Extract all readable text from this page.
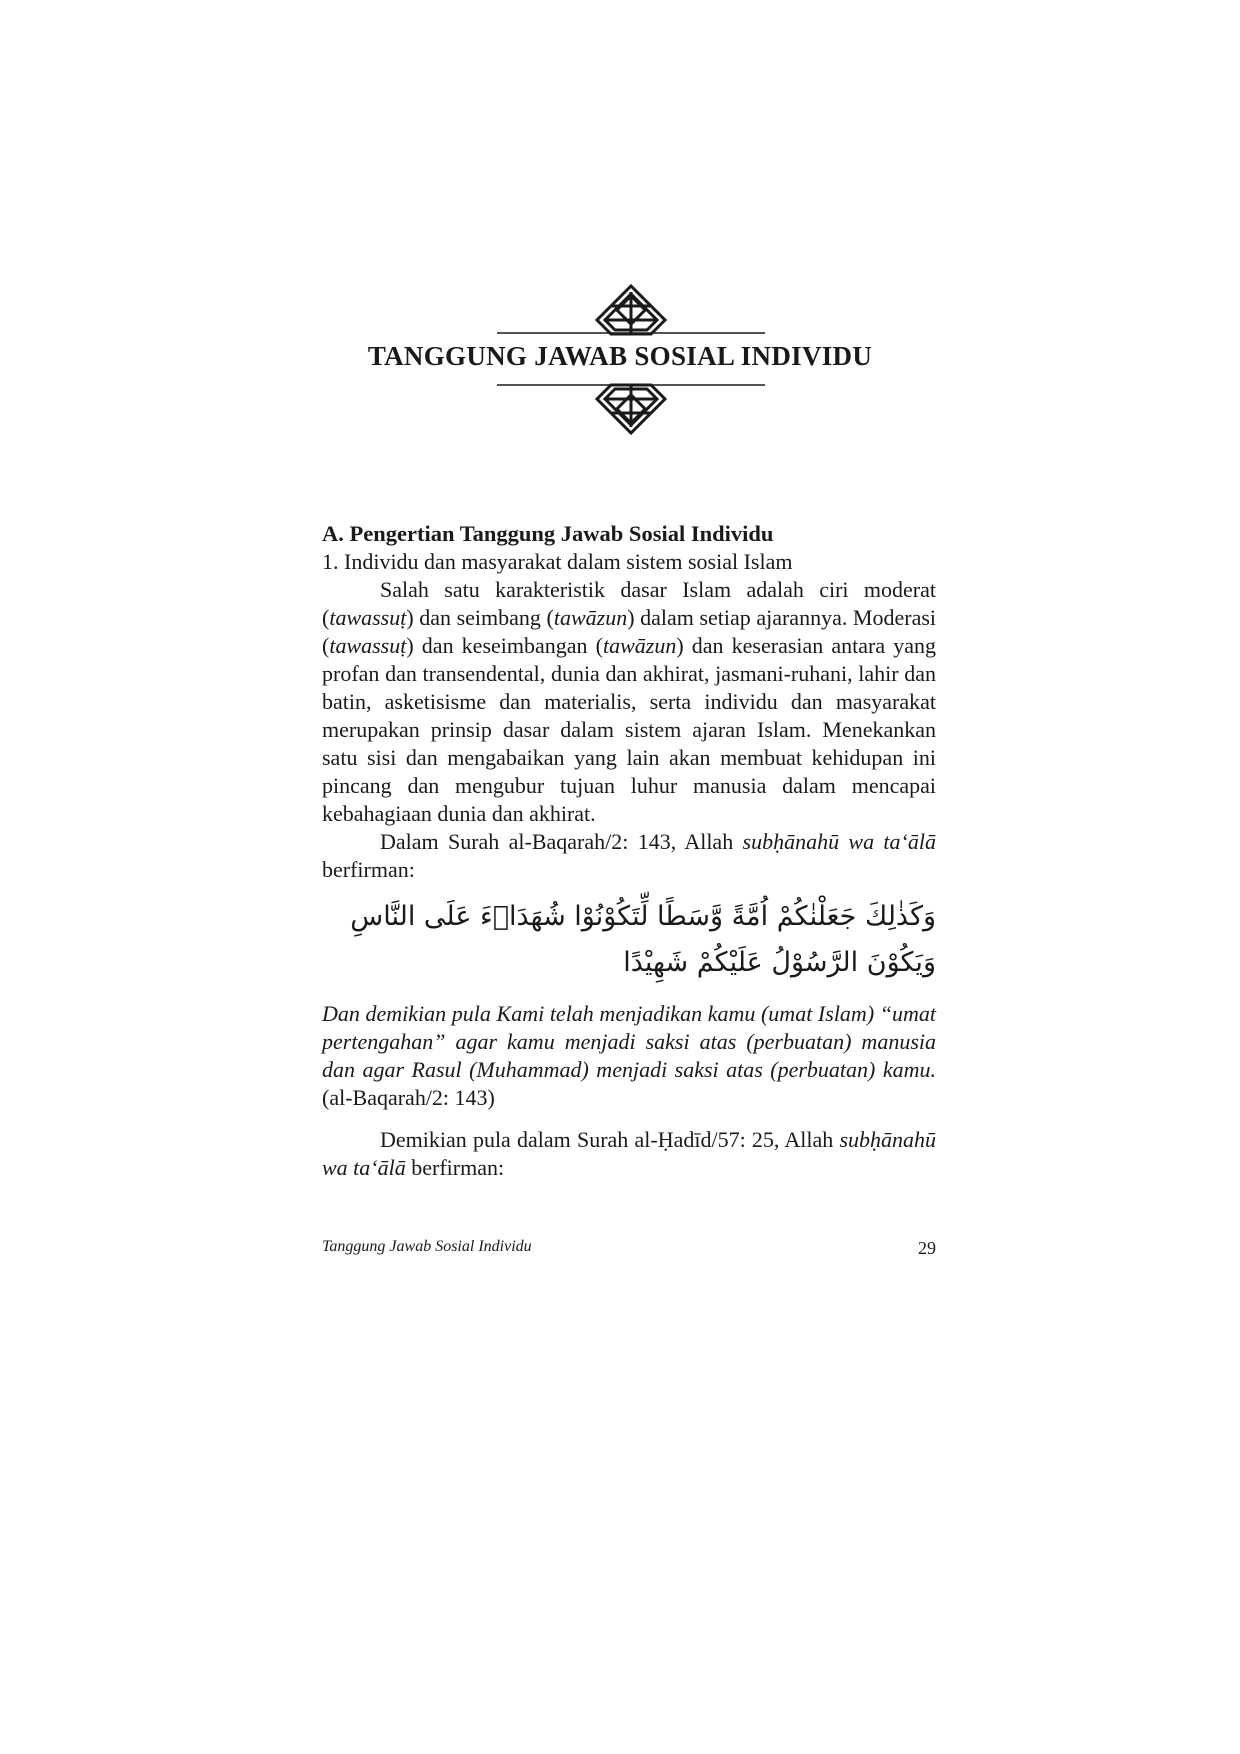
TANGGUNG JAWAB SOSIAL INDIVIDU

A. Pengertian Tanggung Jawab Sosial Individu

1. Individu dan masyarakat dalam sistem sosial Islam

Salah satu karakteristik dasar Islam adalah ciri moderat (tawassuṭ) dan seimbang (tawāzun) dalam setiap ajarannya. Moderasi (tawassuṭ) dan keseimbangan (tawāzun) dan keserasian antara yang profan dan transendental, dunia dan akhirat, jasmani-ruhani, lahir dan batin, asketisisme dan materialis, serta individu dan masyarakat merupakan prinsip dasar dalam sistem ajaran Islam. Menekankan satu sisi dan mengabaikan yang lain akan membuat kehidupan ini pincang dan mengubur tujuan luhur manusia dalam mencapai kebahagiaan dunia dan akhirat.

Dalam Surah al-Baqarah/2: 143, Allah subḥānahū wa ta‘ālā berfirman:

وَكَذٰلِكَ جَعَلْنٰكُمْ اُمَّةً وَّسَطًا لِّتَكُوْنُوْا شُهَدَاۤءَ عَلَى النَّاسِ وَيَكُوْنَ الرَّسُوْلُ عَلَيْكُمْ شَهِيْدًا

Dan demikian pula Kami telah menjadikan kamu (umat Islam) “umat pertengahan” agar kamu menjadi saksi atas (perbuatan) manusia dan agar Rasul (Muhammad) menjadi saksi atas (perbuatan) kamu. (al-Baqarah/2: 143)

Demikian pula dalam Surah al-Ḥadīd/57: 25, Allah subḥānahū wa ta‘ālā berfirman:

Tanggung Jawab Sosial Individu	29
